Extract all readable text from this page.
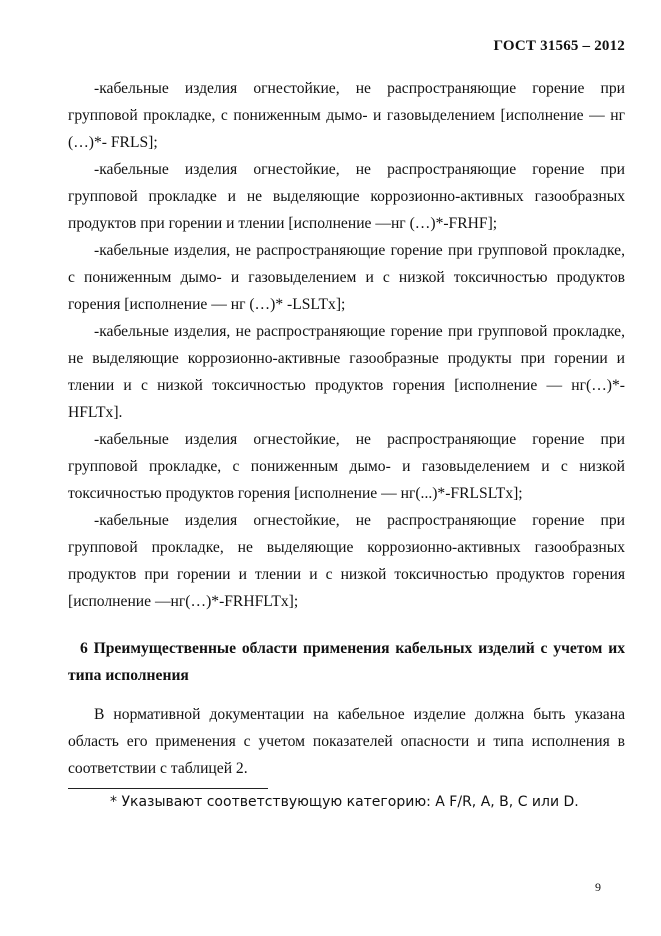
ГОСТ 31565 – 2012

-кабельные изделия огнестойкие, не распространяющие горение при групповой прокладке, с пониженным дымо- и газовыделением [исполнение — нг (…)*- FRLS];

-кабельные изделия огнестойкие, не распространяющие горение при групповой прокладке и не выделяющие коррозионно-активных газообразных продуктов при горении и тлении [исполнение —нг (…)*-FRHF];

-кабельные изделия, не распространяющие горение при групповой прокладке, с пониженным дымо- и газовыделением и с низкой токсичностью продуктов горения [исполнение — нг (…)* -LSLTx];

-кабельные изделия, не распространяющие горение при групповой прокладке, не выделяющие коррозионно-активные газообразные продукты при горении и тлении и с низкой токсичностью продуктов горения [исполнение — нг(…)*-HFLTx].

-кабельные изделия огнестойкие, не распространяющие горение при групповой прокладке, с пониженным дымо- и газовыделением и с низкой токсичностью продуктов горения [исполнение — нг(...)*-FRLSLTx];

-кабельные изделия огнестойкие, не распространяющие горение при групповой прокладке, не выделяющие коррозионно-активных газообразных продуктов при горении и тлении и с низкой токсичностью продуктов горения [исполнение —нг(…)*-FRHFLTx];

6 Преимущественные области применения кабельных изделий с учетом их типа исполнения

В нормативной документации на кабельное изделие должна быть указана область его применения с учетом показателей опасности и типа исполнения в соответствии с таблицей 2.

* Указывают соответствующую категорию: A F/R, A, B, C или D.

9
